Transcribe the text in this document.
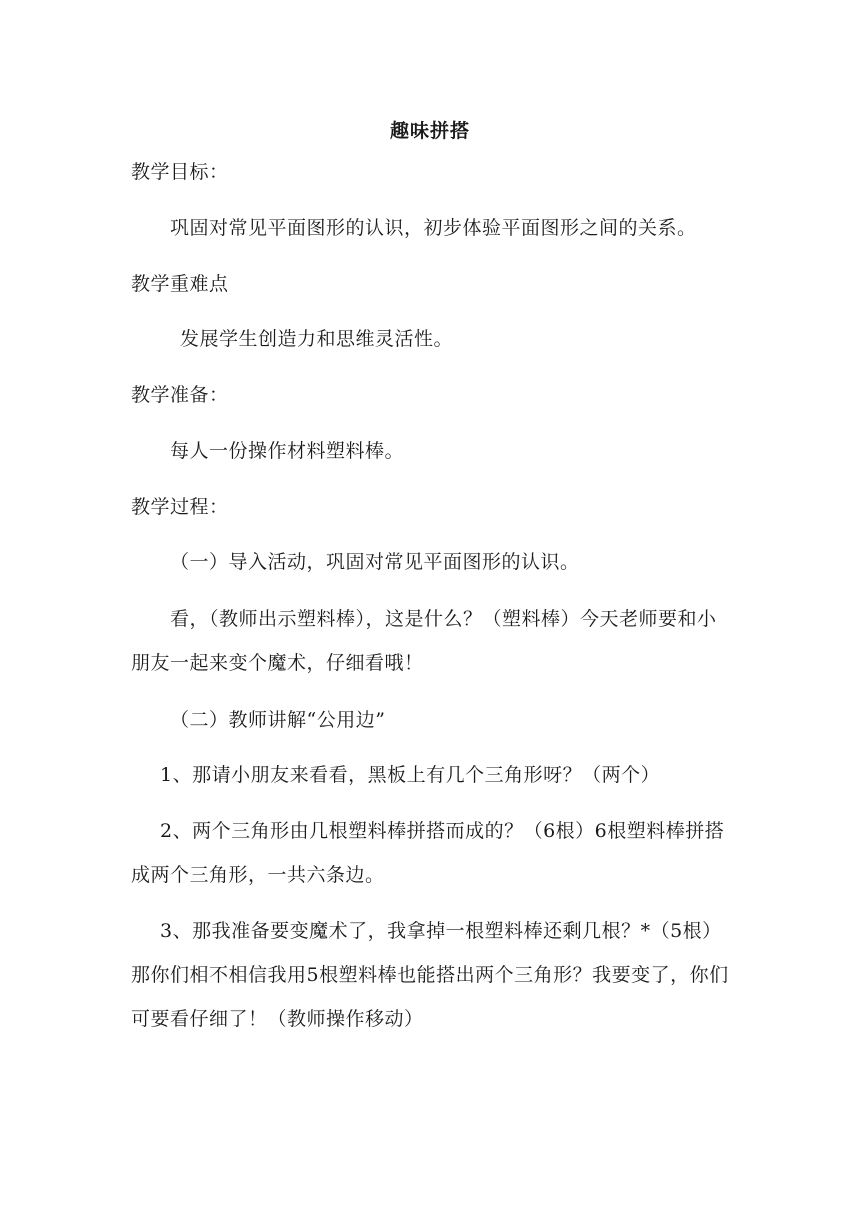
趣味拼搭
教学目标：
巩固对常见平面图形的认识，初步体验平面图形之间的关系。
教学重难点
发展学生创造力和思维灵活性。
教学准备：
每人一份操作材料塑料棒。
教学过程：
（一）导入活动，巩固对常见平面图形的认识。
看，（教师出示塑料棒），这是什么？（塑料棒）今天老师要和小朋友一起来变个魔术，仔细看哦！
（二）教师讲解“公用边”
1、那请小朋友来看看，黑板上有几个三角形呀？（两个）
2、两个三角形由几根塑料棒拼搭而成的？（6根）6根塑料棒拼搭成两个三角形，一共六条边。
3、那我准备要变魔术了，我拿掉一根塑料棒还剩几根？*（5根）那你们相不相信我用5根塑料棒也能搭出两个三角形？我要变了，你们可要看仔细了！（教师操作移动）
